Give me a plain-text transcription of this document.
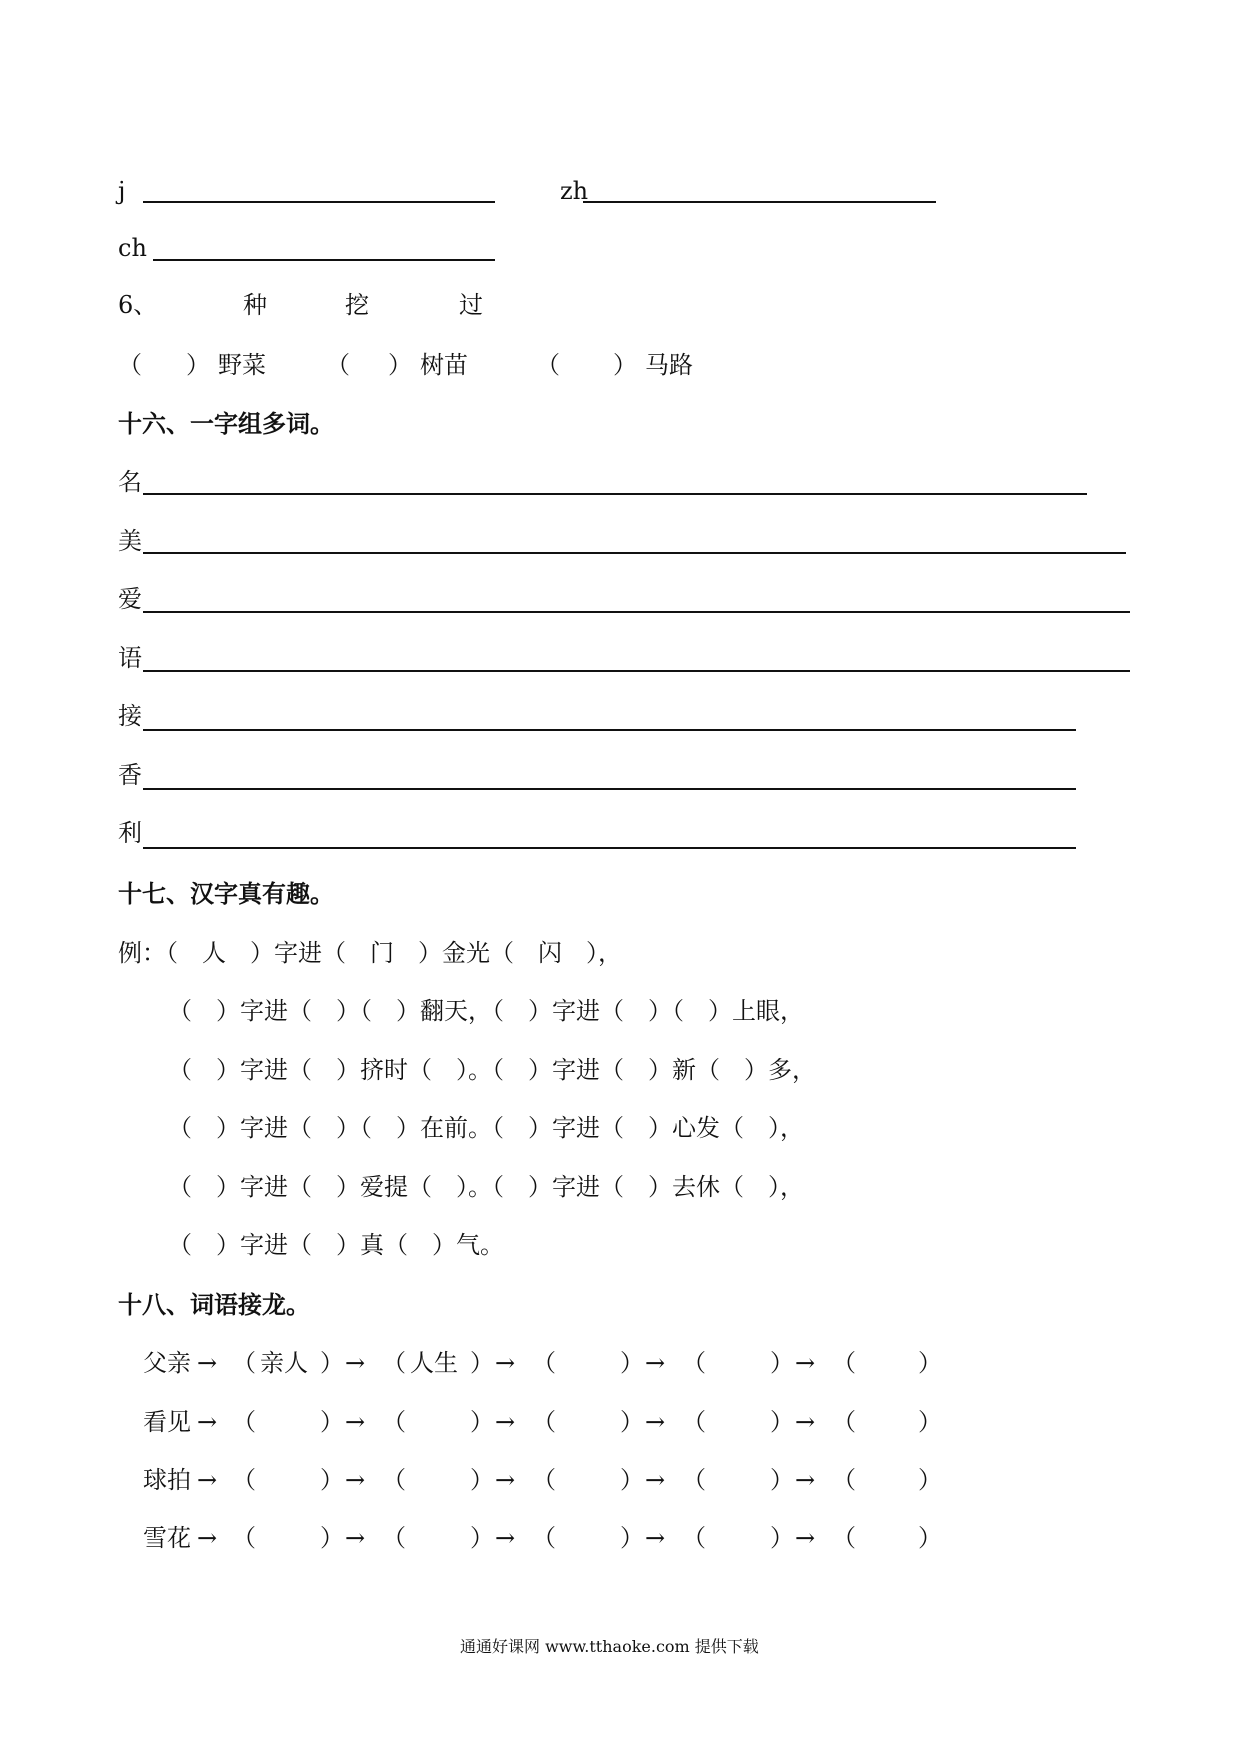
j	zh
ch
6、	种	挖	过
（ ） 野菜	（ ） 树苗	（ ） 马路
十六、一字组多词。
名
美
爱
语
接
香
利
十七、汉字真有趣。
例：（　人　）字进（　门　）金光（　闪　），
（　）字进（　）（　）翻天，（　）字进（　）（　）上眼，
（　）字进（　）挤时（　）。（　）字进（　）新（　）多，
（　）字进（　）（　）在前。（　）字进（　）心发（　），
（　）字进（　）爱提（　）。（　）字进（　）去休（　），
（　）字进（　）真（　）气。
十八、词语接龙。
父亲 → （ 亲人 ） → （ 人生 ） → （	） → （	） → （	）
看见 → （	） → （	） → （	） → （	） → （	）
球拍 → （	） → （	） → （	） → （	） → （	）
雪花 → （	） → （	） → （	） → （	） → （	）
通通好课网 www.tthaoke.com 提供下载
